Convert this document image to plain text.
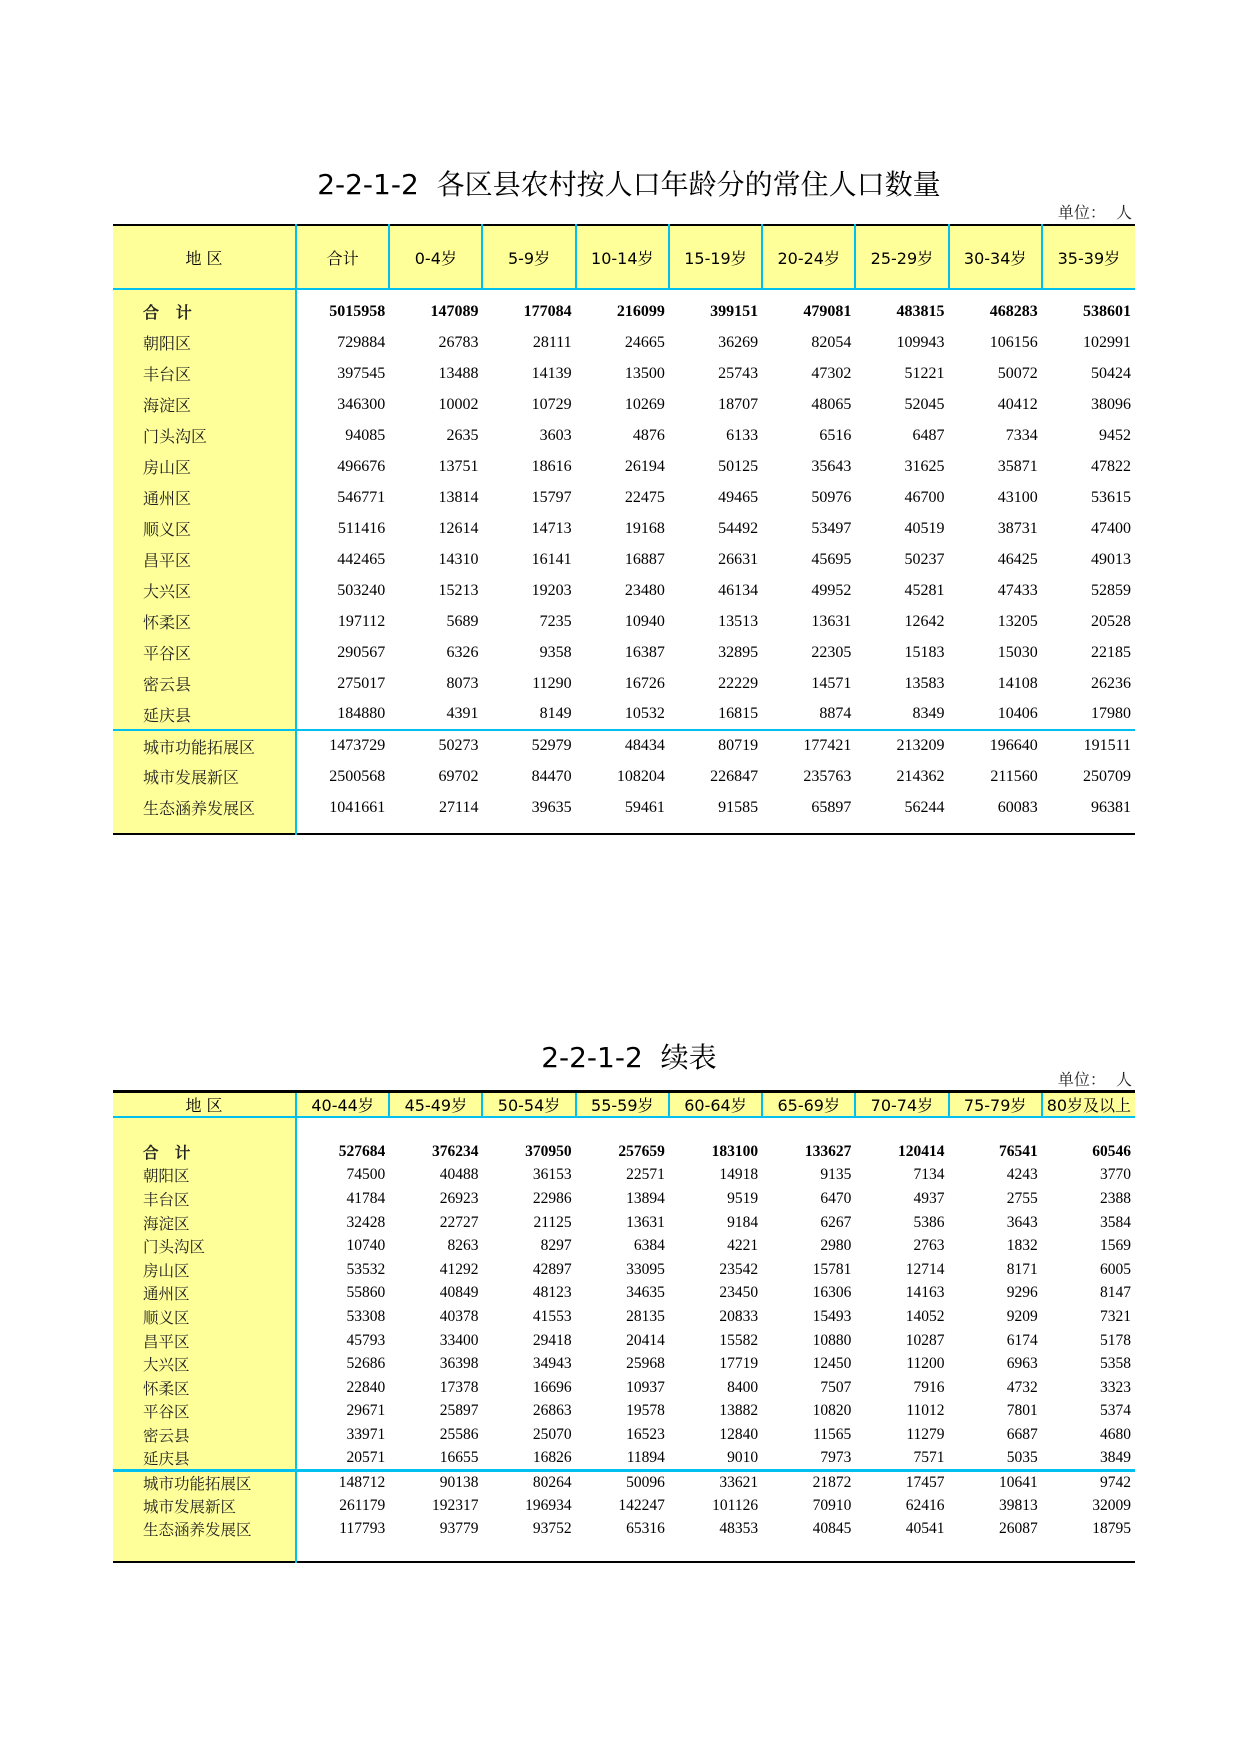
2-2-1-2 各区县农村按人口年龄分的常住人口数量

单位：  人
地 区	合计	0-4岁	5-9岁	10-14岁	15-19岁	20-24岁	25-29岁	30-34岁	35-39岁

合   计	5015958	147089	177084	216099	399151	479081	483815	468283	538601
朝阳区	729884	26783	28111	24665	36269	82054	109943	106156	102991
丰台区	397545	13488	14139	13500	25743	47302	51221	50072	50424
海淀区	346300	10002	10729	10269	18707	48065	52045	40412	38096
门头沟区	94085	2635	3603	4876	6133	6516	6487	7334	9452
房山区	496676	13751	18616	26194	50125	35643	31625	35871	47822
通州区	546771	13814	15797	22475	49465	50976	46700	43100	53615
顺义区	511416	12614	14713	19168	54492	53497	40519	38731	47400
昌平区	442465	14310	16141	16887	26631	45695	50237	46425	49013
大兴区	503240	15213	19203	23480	46134	49952	45281	47433	52859
怀柔区	197112	5689	7235	10940	13513	13631	12642	13205	20528
平谷区	290567	6326	9358	16387	32895	22305	15183	15030	22185
密云县	275017	8073	11290	16726	22229	14571	13583	14108	26236
延庆县	184880	4391	8149	10532	16815	8874	8349	10406	17980
城市功能拓展区	1473729	50273	52979	48434	80719	177421	213209	196640	191511
城市发展新区	2500568	69702	84470	108204	226847	235763	214362	211560	250709
生态涵养发展区	1041661	27114	39635	59461	91585	65897	56244	60083	96381

2-2-1-2 续表

单位：  人
地 区	40-44岁	45-49岁	50-54岁	55-59岁	60-64岁	65-69岁	70-74岁	75-79岁	80岁及以上

合   计	527684	376234	370950	257659	183100	133627	120414	76541	60546
朝阳区	74500	40488	36153	22571	14918	9135	7134	4243	3770
丰台区	41784	26923	22986	13894	9519	6470	4937	2755	2388
海淀区	32428	22727	21125	13631	9184	6267	5386	3643	3584
门头沟区	10740	8263	8297	6384	4221	2980	2763	1832	1569
房山区	53532	41292	42897	33095	23542	15781	12714	8171	6005
通州区	55860	40849	48123	34635	23450	16306	14163	9296	8147
顺义区	53308	40378	41553	28135	20833	15493	14052	9209	7321
昌平区	45793	33400	29418	20414	15582	10880	10287	6174	5178
大兴区	52686	36398	34943	25968	17719	12450	11200	6963	5358
怀柔区	22840	17378	16696	10937	8400	7507	7916	4732	3323
平谷区	29671	25897	26863	19578	13882	10820	11012	7801	5374
密云县	33971	25586	25070	16523	12840	11565	11279	6687	4680
延庆县	20571	16655	16826	11894	9010	7973	7571	5035	3849
城市功能拓展区	148712	90138	80264	50096	33621	21872	17457	10641	9742
城市发展新区	261179	192317	196934	142247	101126	70910	62416	39813	32009
生态涵养发展区	117793	93779	93752	65316	48353	40845	40541	26087	18795
